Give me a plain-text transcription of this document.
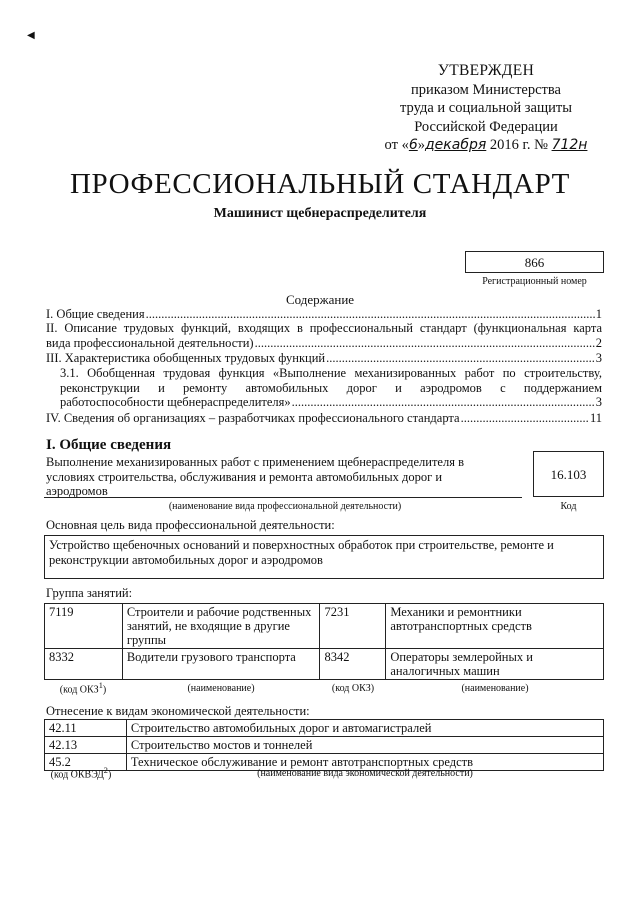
◀
УТВЕРЖДЕН
приказом Министерства
труда и социальной защиты
Российской Федерации
от «6»декабря 2016 г. № 712н
ПРОФЕССИОНАЛЬНЫЙ СТАНДАРТ
Машинист щебнераспределителя
866
Регистрационный номер
Содержание
I. Общие сведения .....	1
II. Описание трудовых функций, входящих в профессиональный стандарт (функциональная карта
вида профессиональной деятельности) .....	2
III. Характеристика обобщенных трудовых функций .....	3
3.1. Обобщенная трудовая функция «Выполнение механизированных работ по строительству,
реконструкции и ремонту автомобильных дорог и аэродромов с поддержанием
работоспособности щебнераспределителя» .....	3
IV. Сведения об организациях – разработчиках профессионального стандарта .....	11
I. Общие сведения
Выполнение механизированных работ с применением щебнераспределителя в
условиях строительства, обслуживания и ремонта автомобильных дорог и
аэродромов
16.103
(наименование вида профессиональной деятельности)	Код
Основная цель вида профессиональной деятельности:
Устройство щебеночных оснований и поверхностных обработок при строительстве, ремонте и реконструкции автомобильных дорог и аэродромов
Группа занятий:
7119	Строители и рабочие родственных занятий, не входящие в другие группы	7231	Механики и ремонтники автотранспортных средств
8332	Водители грузового транспорта	8342	Операторы землеройных и аналогичных машин
(код ОКЗ$^1$)	(наименование)	(код ОКЗ)	(наименование)
Отнесение к видам экономической деятельности:
42.11	Строительство автомобильных дорог и автомагистралей
42.13	Строительство мостов и тоннелей
45.2	Техническое обслуживание и ремонт автотранспортных средств
(код ОКВЭД$^2$)	(наименование вида экономической деятельности)
